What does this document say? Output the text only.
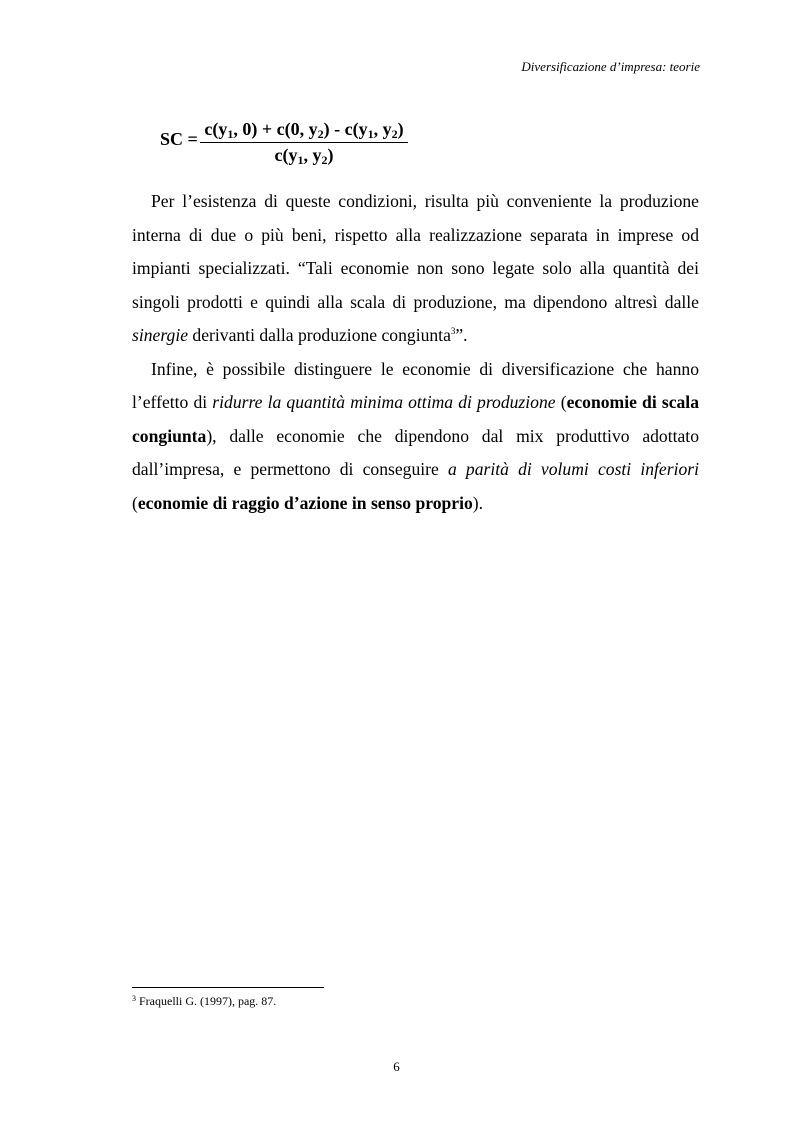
Diversificazione d’impresa: teorie
SC = $c(y_1$, 0) + c(0, $y_2) - c(y_1$, $y_2$)
$c(y_1$, $y_2$)

Per l’esistenza di queste condizioni, risulta più conveniente la produzione interna di due o più beni, rispetto alla realizzazione separata in imprese od impianti specializzati. “Tali economie non sono legate solo alla quantità dei singoli prodotti e quindi alla scala di produzione, ma dipendono altresì dalle sinergie derivanti dalla produzione congiunta$^3$”.

Infine, è possibile distinguere le economie di diversificazione che hanno l’effetto di ridurre la quantità minima ottima di produzione (economie di scala congiunta), dalle economie che dipendono dal mix produttivo adottato dall’impresa, e permettono di conseguire a parità di volumi costi inferiori (economie di raggio d’azione in senso proprio).

$^3$ Fraquelli G. (1997), pag. 87.
6
